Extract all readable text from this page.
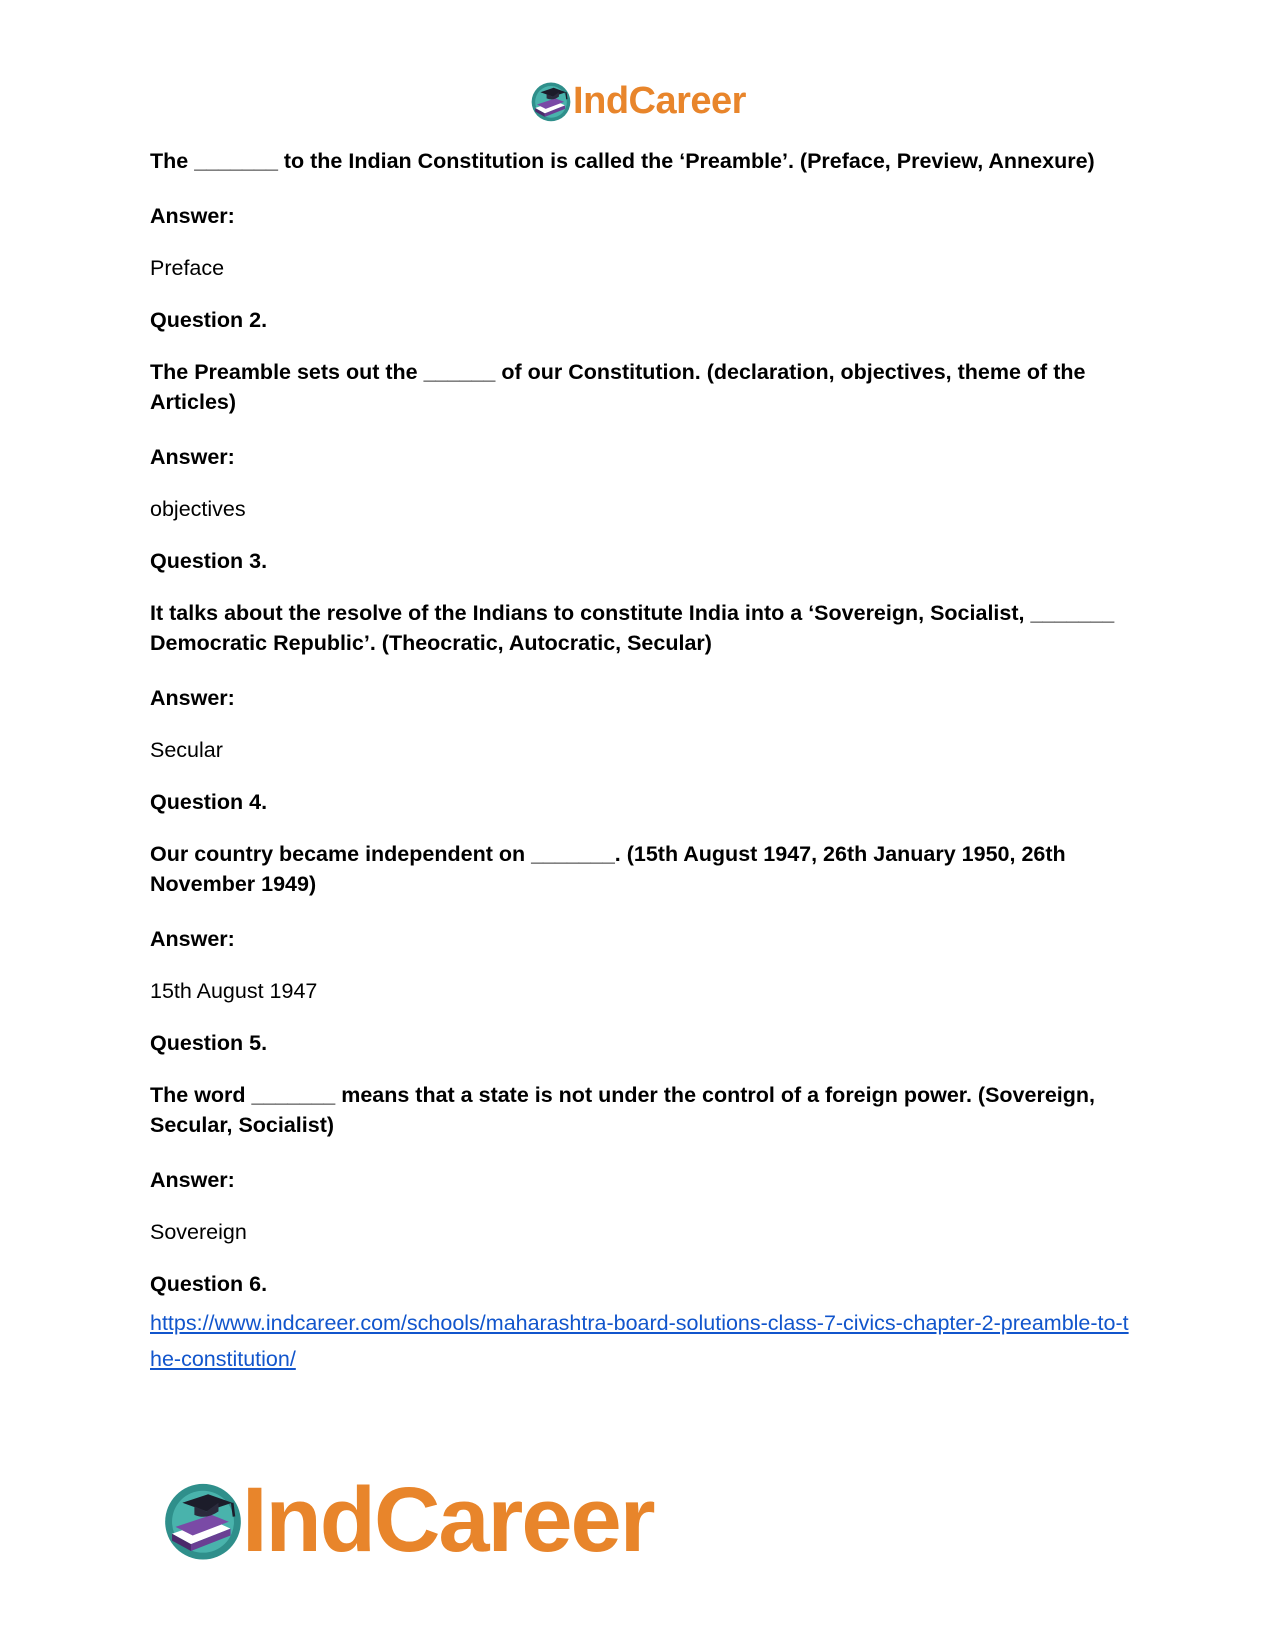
IndCareer

The _______ to the Indian Constitution is called the ‘Preamble’. (Preface, Preview, Annexure)

Answer:

Preface

Question 2.

The Preamble sets out the ______ of our Constitution. (declaration, objectives, theme of the Articles)

Answer:

objectives

Question 3.

It talks about the resolve of the Indians to constitute India into a ‘Sovereign, Socialist, _______ Democratic Republic’. (Theocratic, Autocratic, Secular)

Answer:

Secular

Question 4.

Our country became independent on _______. (15th August 1947, 26th January 1950, 26th November 1949)

Answer:

15th August 1947

Question 5.

The word _______ means that a state is not under the control of a foreign power. (Sovereign, Secular, Socialist)

Answer:

Sovereign

Question 6.

https://www.indcareer.com/schools/maharashtra-board-solutions-class-7-civics-chapter-2-preamble-to-the-constitution/
IndCareer
